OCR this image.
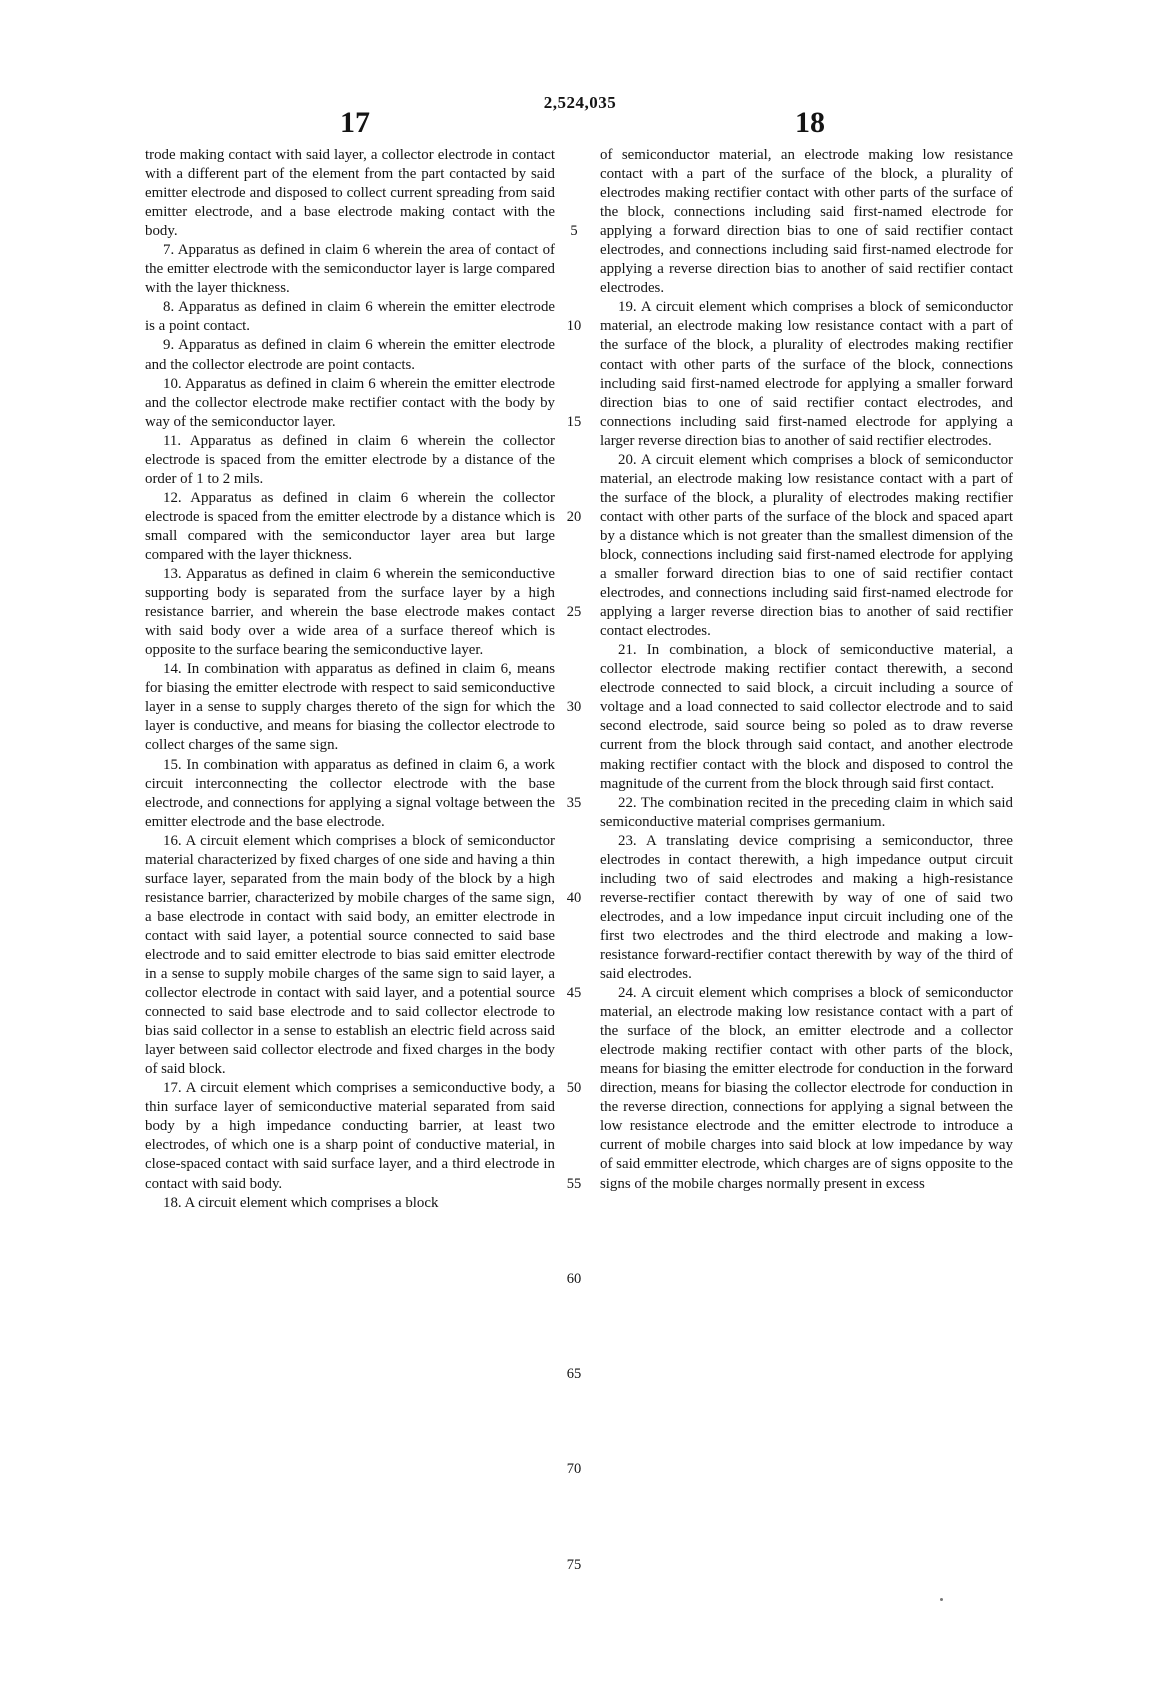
2,524,035
17	18

trode making contact with said layer, a collector electrode in contact with a different part of the element from the part contacted by said emitter electrode and disposed to collect current spreading from said emitter electrode, and a base electrode making contact with the body.

7. Apparatus as defined in claim 6 wherein the area of contact of the emitter electrode with the semiconductor layer is large compared with the layer thickness.

8. Apparatus as defined in claim 6 wherein the emitter electrode is a point contact.

9. Apparatus as defined in claim 6 wherein the emitter electrode and the collector electrode are point contacts.

10. Apparatus as defined in claim 6 wherein the emitter electrode and the collector electrode make rectifier contact with the body by way of the semiconductor layer.

11. Apparatus as defined in claim 6 wherein the collector electrode is spaced from the emitter electrode by a distance of the order of 1 to 2 mils.

12. Apparatus as defined in claim 6 wherein the collector electrode is spaced from the emitter electrode by a distance which is small compared with the semiconductor layer area but large compared with the layer thickness.

13. Apparatus as defined in claim 6 wherein the semiconductive supporting body is separated from the surface layer by a high resistance barrier, and wherein the base electrode makes contact with said body over a wide area of a surface thereof which is opposite to the surface bearing the semiconductive layer.

14. In combination with apparatus as defined in claim 6, means for biasing the emitter electrode with respect to said semiconductive layer in a sense to supply charges thereto of the sign for which the layer is conductive, and means for biasing the collector electrode to collect charges of the same sign.

15. In combination with apparatus as defined in claim 6, a work circuit interconnecting the collector electrode with the base electrode, and connections for applying a signal voltage between the emitter electrode and the base electrode.

16. A circuit element which comprises a block of semiconductor material characterized by fixed charges of one side and having a thin surface layer, separated from the main body of the block by a high resistance barrier, characterized by mobile charges of the same sign, a base electrode in contact with said body, an emitter electrode in contact with said layer, a potential source connected to said base electrode and to said emitter electrode to bias said emitter electrode in a sense to supply mobile charges of the same sign to said layer, a collector electrode in contact with said layer, and a potential source connected to said base electrode and to said collector electrode to bias said collector in a sense to establish an electric field across said layer between said collector electrode and fixed charges in the body of said block.

17. A circuit element which comprises a semiconductive body, a thin surface layer of semiconductive material separated from said body by a high impedance conducting barrier, at least two electrodes, of which one is a sharp point of conductive material, in close-spaced contact with said surface layer, and a third electrode in contact with said body.

18. A circuit element which comprises a block

5
10
15
20
25
30
35
40
45
50
55
60
65
70
75

of semiconductor material, an electrode making low resistance contact with a part of the surface of the block, a plurality of electrodes making rectifier contact with other parts of the surface of the block, connections including said first-named electrode for applying a forward direction bias to one of said rectifier contact electrodes, and connections including said first-named electrode for applying a reverse direction bias to another of said rectifier contact electrodes.

19. A circuit element which comprises a block of semiconductor material, an electrode making low resistance contact with a part of the surface of the block, a plurality of electrodes making rectifier contact with other parts of the surface of the block, connections including said first-named electrode for applying a smaller forward direction bias to one of said rectifier contact electrodes, and connections including said first-named electrode for applying a larger reverse direction bias to another of said rectifier electrodes.

20. A circuit element which comprises a block of semiconductor material, an electrode making low resistance contact with a part of the surface of the block, a plurality of electrodes making rectifier contact with other parts of the surface of the block and spaced apart by a distance which is not greater than the smallest dimension of the block, connections including said first-named electrode for applying a smaller forward direction bias to one of said rectifier contact electrodes, and connections including said first-named electrode for applying a larger reverse direction bias to another of said rectifier contact electrodes.

21. In combination, a block of semiconductive material, a collector electrode making rectifier contact therewith, a second electrode connected to said block, a circuit including a source of voltage and a load connected to said collector electrode and to said second electrode, said source being so poled as to draw reverse current from the block through said contact, and another electrode making rectifier contact with the block and disposed to control the magnitude of the current from the block through said first contact.

22. The combination recited in the preceding claim in which said semiconductive material comprises germanium.

23. A translating device comprising a semiconductor, three electrodes in contact therewith, a high impedance output circuit including two of said electrodes and making a high-resistance reverse-rectifier contact therewith by way of one of said two electrodes, and a low impedance input circuit including one of the first two electrodes and the third electrode and making a low-resistance forward-rectifier contact therewith by way of the third of said electrodes.

24. A circuit element which comprises a block of semiconductor material, an electrode making low resistance contact with a part of the surface of the block, an emitter electrode and a collector electrode making rectifier contact with other parts of the block, means for biasing the emitter electrode for conduction in the forward direction, means for biasing the collector electrode for conduction in the reverse direction, connections for applying a signal between the low resistance electrode and the emitter electrode to introduce a current of mobile charges into said block at low impedance by way of said emmitter electrode, which charges are of signs opposite to the signs of the mobile charges normally present in excess
